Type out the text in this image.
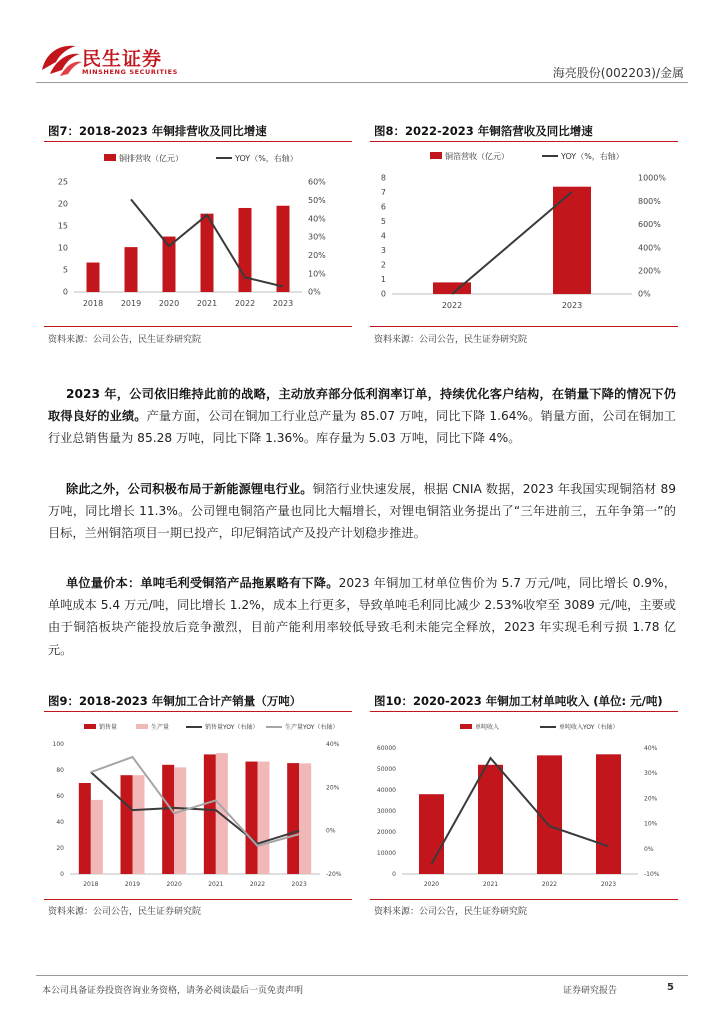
民生证券
MINSHENG SECURITIES	海亮股份(002203)/金属
图7：2018-2023 年铜排营收及同比增速
0
5
10
15
20
25
0%
10%
20%
30%
40%
50%
60%
2018 2019 2020 2021 2022 2023
铜排营收（亿元）	YOY（%，右轴）
资料来源：公司公告，民生证券研究院
图8：2022-2023 年铜箔营收及同比增速
0
1
2
3
4
5
6
7
8
0%
200%
400%
600%
800%
1000%
2022	2023
铜箔营收（亿元）	YOY（%，右轴）
资料来源：公司公告，民生证券研究院
2023 年，公司依旧维持此前的战略，主动放弃部分低利润率订单，持续优化客户结构，在销量下降的情况下仍取得良好的业绩。产量方面，公司在铜加工行业总产量为 85.07 万吨，同比下降 1.64%。销量方面，公司在铜加工行业总销售量为 85.28 万吨，同比下降 1.36%。库存量为 5.03 万吨，同比下降 4%。
除此之外，公司积极布局于新能源锂电行业。铜箔行业快速发展，根据 CNIA 数据，2023 年我国实现铜箔材 89 万吨，同比增长 11.3%。公司锂电铜箔产量也同比大幅增长，对锂电铜箔业务提出了“三年进前三，五年争第一”的目标，兰州铜箔项目一期已投产，印尼铜箔试产及投产计划稳步推进。
单位量价本：单吨毛利受铜箔产品拖累略有下降。2023 年铜加工材单位售价为 5.7 万元/吨，同比增长 0.9%，单吨成本 5.4 万元/吨，同比增长 1.2%，成本上行更多，导致单吨毛利同比减少 2.53%收窄至 3089 元/吨，主要或由于铜箔板块产能投放后竞争激烈，目前产能利用率较低导致毛利未能完全释放，2023 年实现毛利亏损 1.78 亿元。
图9：2018-2023 年铜加工合计产销量（万吨）
0
20
40
60
80
100
-20%
0%
20%
40%
2018	2019	2020	2021	2022	2023
销售量	生产量	销售量YOY（右轴）	生产量YOY（右轴）
资料来源：公司公告，民生证券研究院
图10：2020-2023 年铜加工材单吨收入 (单位: 元/吨)
0
10000
20000
30000
40000
50000
60000
-10%
0%
10%
20%
30%
40%
2020	2021	2022	2023
单吨收入	单吨收入YOY（右轴）
资料来源：公司公告，民生证券研究院
本公司具备证券投资咨询业务资格，请务必阅读最后一页免责声明	证券研究报告	5
